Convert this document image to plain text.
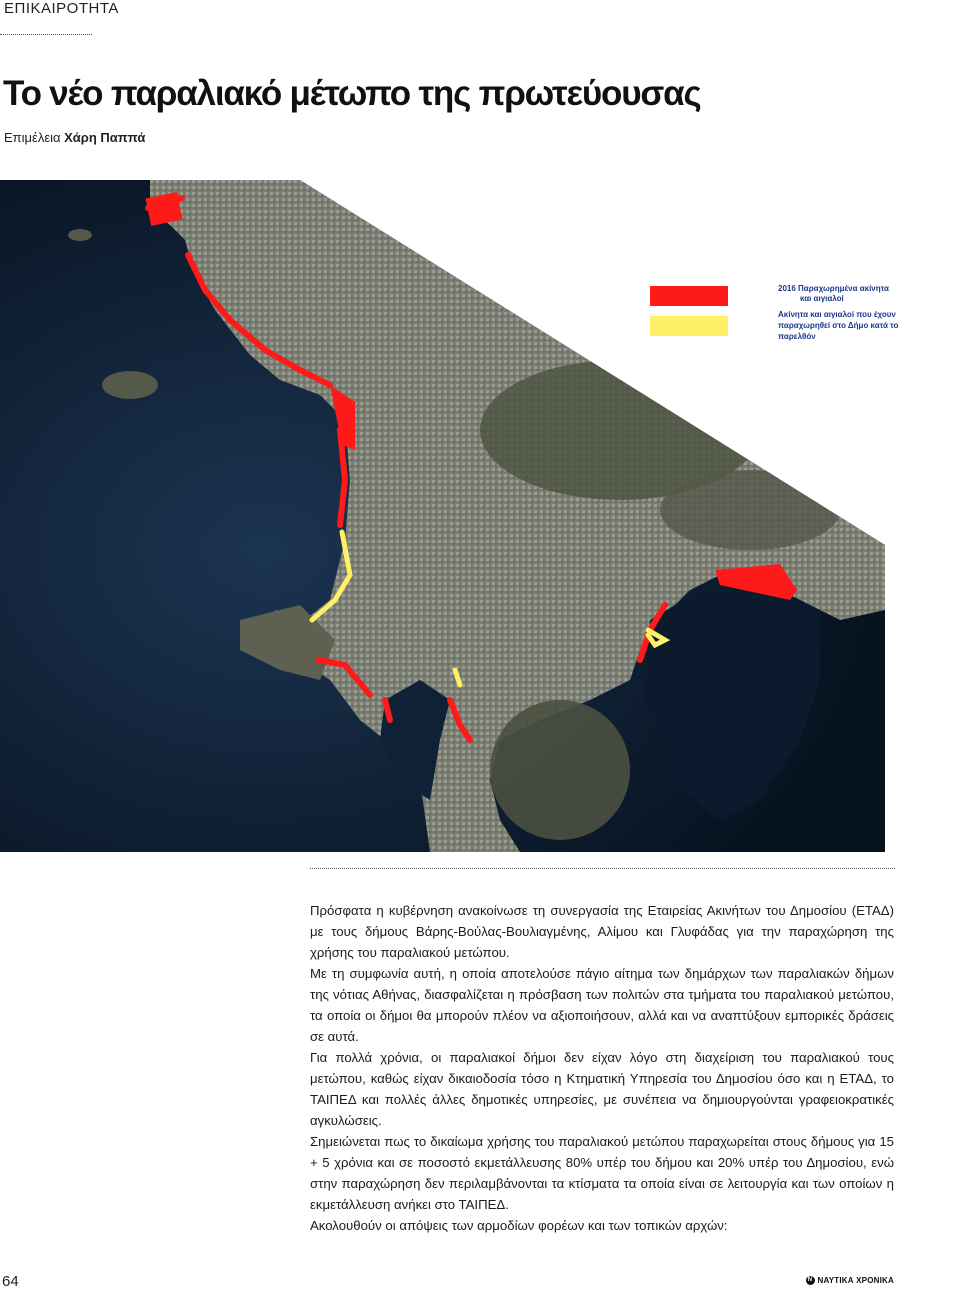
ΕΠΙΚΑΙΡΟΤΗΤΑ
Το νέο παραλιακό μέτωπο της πρωτεύουσας
Επιμέλεια Χάρη Παππά
2016 Παραχωρημένα ακίνητα
και αιγιαλοί
Ακίνητα και αιγιαλοί που έχουν
παραχωρηθεί στο Δήμο κατά το
παρελθόν

Πρόσφατα η κυβέρνηση ανακοίνωσε τη συνεργασία της Εταιρείας Ακινήτων του Δημοσίου (ΕΤΑΔ) με τους δήμους Βάρης-Βούλας-Βουλιαγμένης, Αλίμου και Γλυφάδας για την παραχώρηση της χρήσης του παραλιακού μετώπου.

Με τη συμφωνία αυτή, η οποία αποτελούσε πάγιο αίτημα των δημάρχων των παραλιακών δήμων της νότιας Αθήνας, διασφαλίζεται η πρόσβαση των πολιτών στα τμήματα του παραλιακού μετώπου, τα οποία οι δήμοι θα μπορούν πλέον να αξιοποιήσουν, αλλά και να αναπτύξουν εμπορικές δράσεις σε αυτά.

Για πολλά χρόνια, οι παραλιακοί δήμοι δεν είχαν λόγο στη διαχείριση του παραλιακού τους μετώπου, καθώς είχαν δικαιοδοσία τόσο η Κτηματική Υπηρεσία του Δημοσίου όσο και η ΕΤΑΔ, το ΤΑΙΠΕΔ και πολλές άλλες δημοτικές υπηρεσίες, με συνέπεια να δημιουργούνται γραφειοκρατικές αγκυλώσεις.

Σημειώνεται πως το δικαίωμα χρήσης του παραλιακού μετώπου παραχωρείται στους δήμους για 15 + 5 χρόνια και σε ποσοστό εκμετάλλευσης 80% υπέρ του δήμου και 20% υπέρ του Δημοσίου, ενώ στην παραχώρηση δεν περιλαμβάνονται τα κτίσματα τα οποία είναι σε λειτουργία και των οποίων η εκμετάλλευση ανήκει στο ΤΑΙΠΕΔ.

Ακολουθούν οι απόψεις των αρμοδίων φορέων και των τοπικών αρχών:

64	N ΝΑΥΤΙΚΑ ΧΡΟΝΙΚΑ
